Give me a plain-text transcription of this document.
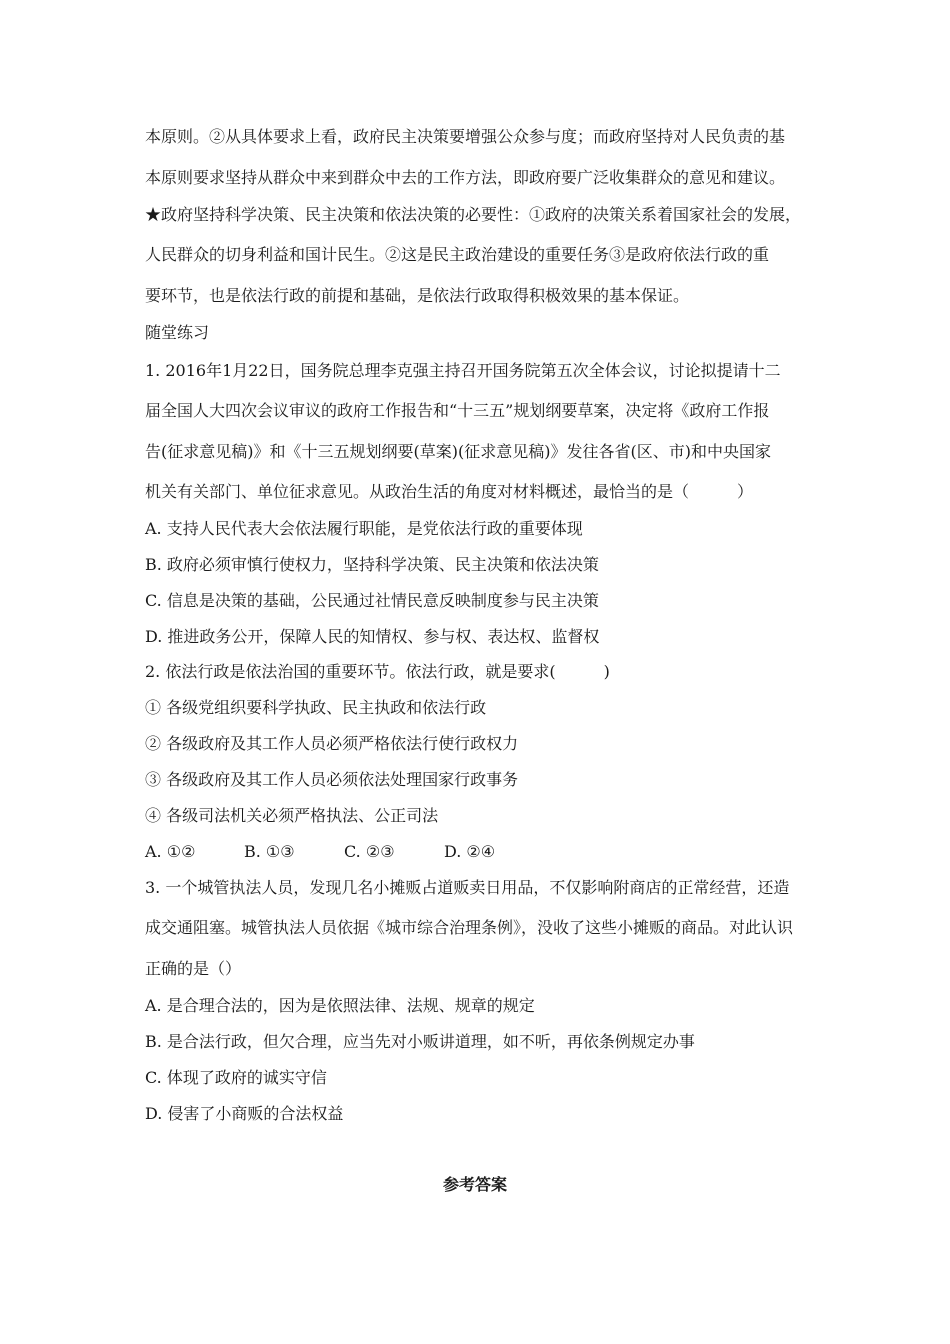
本原则。②从具体要求上看，政府民主决策要增强公众参与度；而政府坚持对人民负责的基
本原则要求坚持从群众中来到群众中去的工作方法，即政府要广泛收集群众的意见和建议。
★政府坚持科学决策、民主决策和依法决策的必要性：①政府的决策关系着国家社会的发展，
人民群众的切身利益和国计民生。②这是民主政治建设的重要任务③是政府依法行政的重
要环节，也是依法行政的前提和基础，是依法行政取得积极效果的基本保证。
随堂练习
1. 2016年1月22日，国务院总理李克强主持召开国务院第五次全体会议，讨论拟提请十二
届全国人大四次会议审议的政府工作报告和“十三五”规划纲要草案，决定将《政府工作报
告(征求意见稿)》和《十三五规划纲要(草案)(征求意见稿)》发往各省(区、市)和中央国家
机关有关部门、单位征求意见。从政治生活的角度对材料概述，最恰当的是（　　　）
A. 支持人民代表大会依法履行职能，是党依法行政的重要体现
B. 政府必须审慎行使权力，坚持科学决策、民主决策和依法决策
C. 信息是决策的基础，公民通过社情民意反映制度参与民主决策
D. 推进政务公开，保障人民的知情权、参与权、表达权、监督权
2. 依法行政是依法治国的重要环节。依法行政，就是要求(　　　)
① 各级党组织要科学执政、民主执政和依法行政
② 各级政府及其工作人员必须严格依法行使行政权力
③ 各级政府及其工作人员必须依法处理国家行政事务
④ 各级司法机关必须严格执法、公正司法
A. ①②	B. ①③	C. ②③	D. ②④
3. 一个城管执法人员，发现几名小摊贩占道贩卖日用品，不仅影响附商店的正常经营，还造
成交通阻塞。城管执法人员依据《城市综合治理条例》，没收了这些小摊贩的商品。对此认识
正确的是（）
A. 是合理合法的，因为是依照法律、法规、规章的规定
B. 是合法行政，但欠合理，应当先对小贩讲道理，如不听，再依条例规定办事
C. 体现了政府的诚实守信
D. 侵害了小商贩的合法权益
参考答案
